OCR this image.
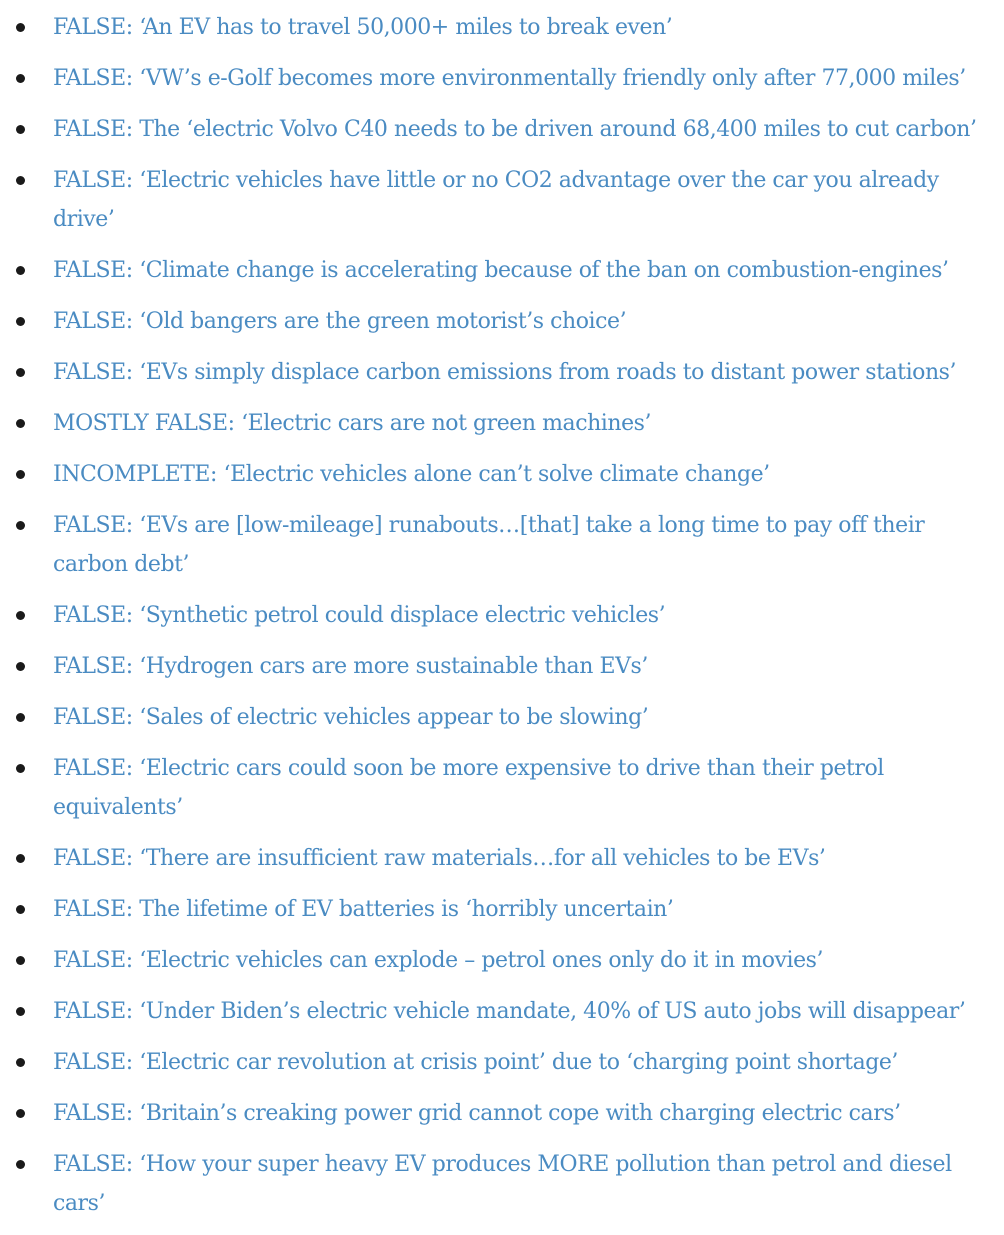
FALSE: ‘An EV has to travel 50,000+ miles to break even’
FALSE: ‘VW’s e-Golf becomes more environmentally friendly only after 77,000 miles’
FALSE: The ‘electric Volvo C40 needs to be driven around 68,400 miles to cut carbon’
FALSE: ‘Electric vehicles have little or no CO2 advantage over the car you already drive’
FALSE: ‘Climate change is accelerating because of the ban on combustion-engines’
FALSE: ‘Old bangers are the green motorist’s choice’
FALSE: ‘EVs simply displace carbon emissions from roads to distant power stations’
MOSTLY FALSE: ‘Electric cars are not green machines’
INCOMPLETE: ‘Electric vehicles alone can’t solve climate change’
FALSE: ‘EVs are [low-mileage] runabouts…[that] take a long time to pay off their carbon debt’
FALSE: ‘Synthetic petrol could displace electric vehicles’
FALSE: ‘Hydrogen cars are more sustainable than EVs’
FALSE: ‘Sales of electric vehicles appear to be slowing’
FALSE: ‘Electric cars could soon be more expensive to drive than their petrol equivalents’
FALSE: ‘There are insufficient raw materials…for all vehicles to be EVs’
FALSE: The lifetime of EV batteries is ‘horribly uncertain’
FALSE: ‘Electric vehicles can explode – petrol ones only do it in movies’
FALSE: ‘Under Biden’s electric vehicle mandate, 40% of US auto jobs will disappear’
FALSE: ‘Electric car revolution at crisis point’ due to ‘charging point shortage’
FALSE: ‘Britain’s creaking power grid cannot cope with charging electric cars’
FALSE: ‘How your super heavy EV produces MORE pollution than petrol and diesel cars’
